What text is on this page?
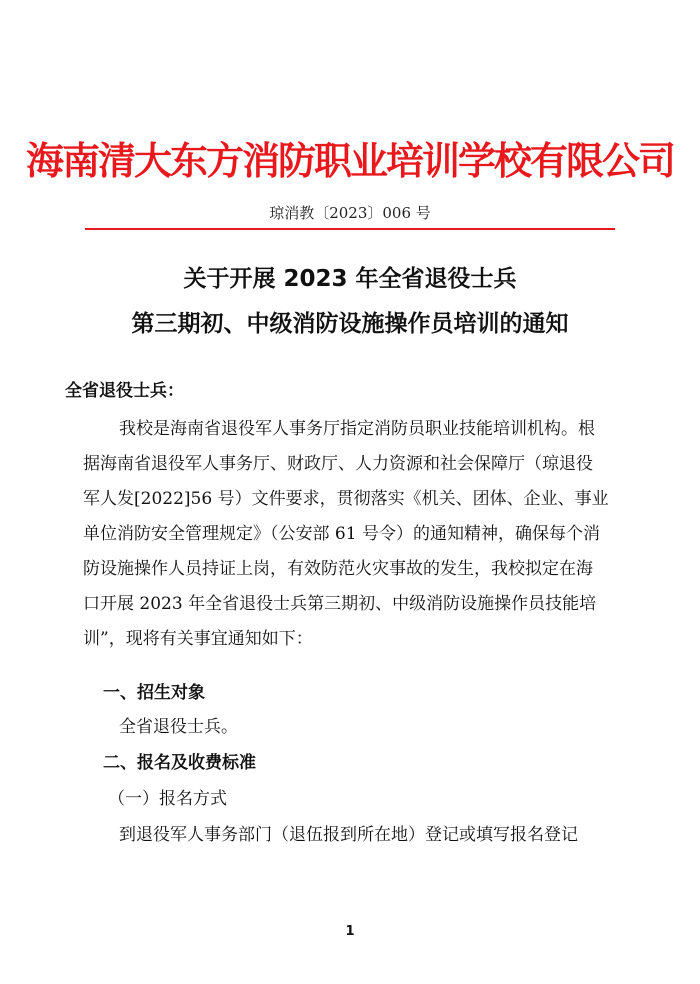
海南清大东方消防职业培训学校有限公司
琼消教〔2023〕006 号
关于开展 2023 年全省退役士兵
第三期初、中级消防设施操作员培训的通知
全省退役士兵：
我校是海南省退役军人事务厅指定消防员职业技能培训机构。根
据海南省退役军人事务厅、财政厅、人力资源和社会保障厅（琼退役
军人发[2022]56 号）文件要求，贯彻落实《机关、团体、企业、事业
单位消防安全管理规定》（公安部 61 号令）的通知精神，确保每个消
防设施操作人员持证上岗，有效防范火灾事故的发生，我校拟定在海
口开展 2023 年全省退役士兵第三期初、中级消防设施操作员技能培
训”，现将有关事宜通知如下：
一、招生对象
全省退役士兵。
二、报名及收费标准
（一）报名方式
到退役军人事务部门（退伍报到所在地）登记或填写报名登记
1
